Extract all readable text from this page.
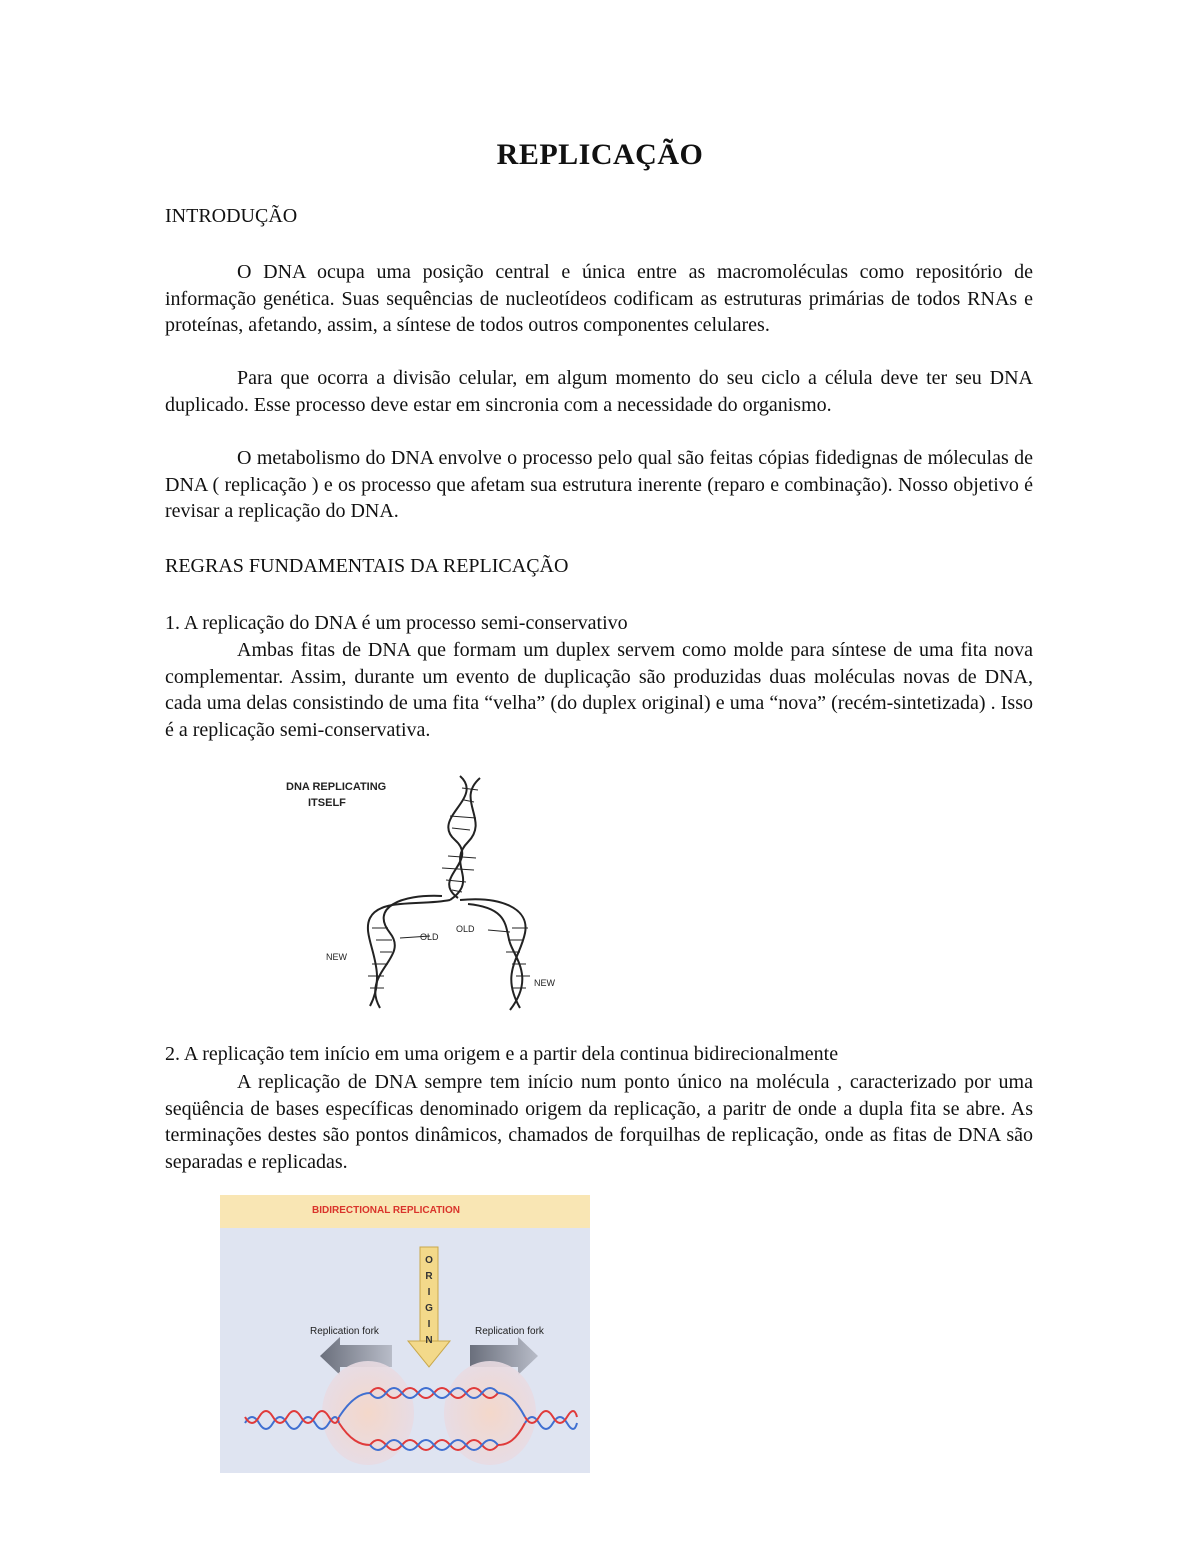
REPLICAÇÃO
INTRODUÇÃO

O DNA ocupa uma posição central e única entre as macromoléculas como repositório de informação genética. Suas sequências de nucleotídeos codificam as estruturas primárias de todos RNAs e proteínas, afetando, assim, a síntese de todos outros componentes celulares.

Para que ocorra a divisão celular, em algum momento do seu ciclo a célula deve ter seu DNA duplicado. Esse processo deve estar em sincronia com a necessidade do organismo.

O metabolismo do DNA envolve o processo pelo qual são feitas cópias fidedignas de móleculas de DNA ( replicação ) e os processo que afetam sua estrutura inerente (reparo e combinação). Nosso objetivo é revisar a replicação do DNA.

REGRAS FUNDAMENTAIS DA REPLICAÇÃO

1. A replicação do DNA é um processo semi-conservativo

Ambas fitas de DNA que formam um duplex servem como molde para síntese de uma fita nova complementar. Assim, durante um evento de duplicação são produzidas duas moléculas novas de DNA, cada uma delas consistindo de uma fita “velha” (do duplex original) e uma “nova” (recém-sintetizada) . Isso é a replicação semi-conservativa.

DNA REPLICATING
ITSELF
OLD
OLD
NEW
NEW

2. A replicação tem início em uma origem e a partir dela continua bidirecionalmente

A replicação de DNA sempre tem início num ponto único na molécula , caracterizado por uma seqüência de bases específicas denominado origem da replicação, a paritr de onde a dupla fita se abre. As terminações destes são pontos dinâmicos, chamados de forquilhas de replicação, onde as fitas de DNA são separadas e replicadas.

BIDIRECTIONAL REPLICATION
O
R
I
G
I
N
Replication fork	Replication fork
